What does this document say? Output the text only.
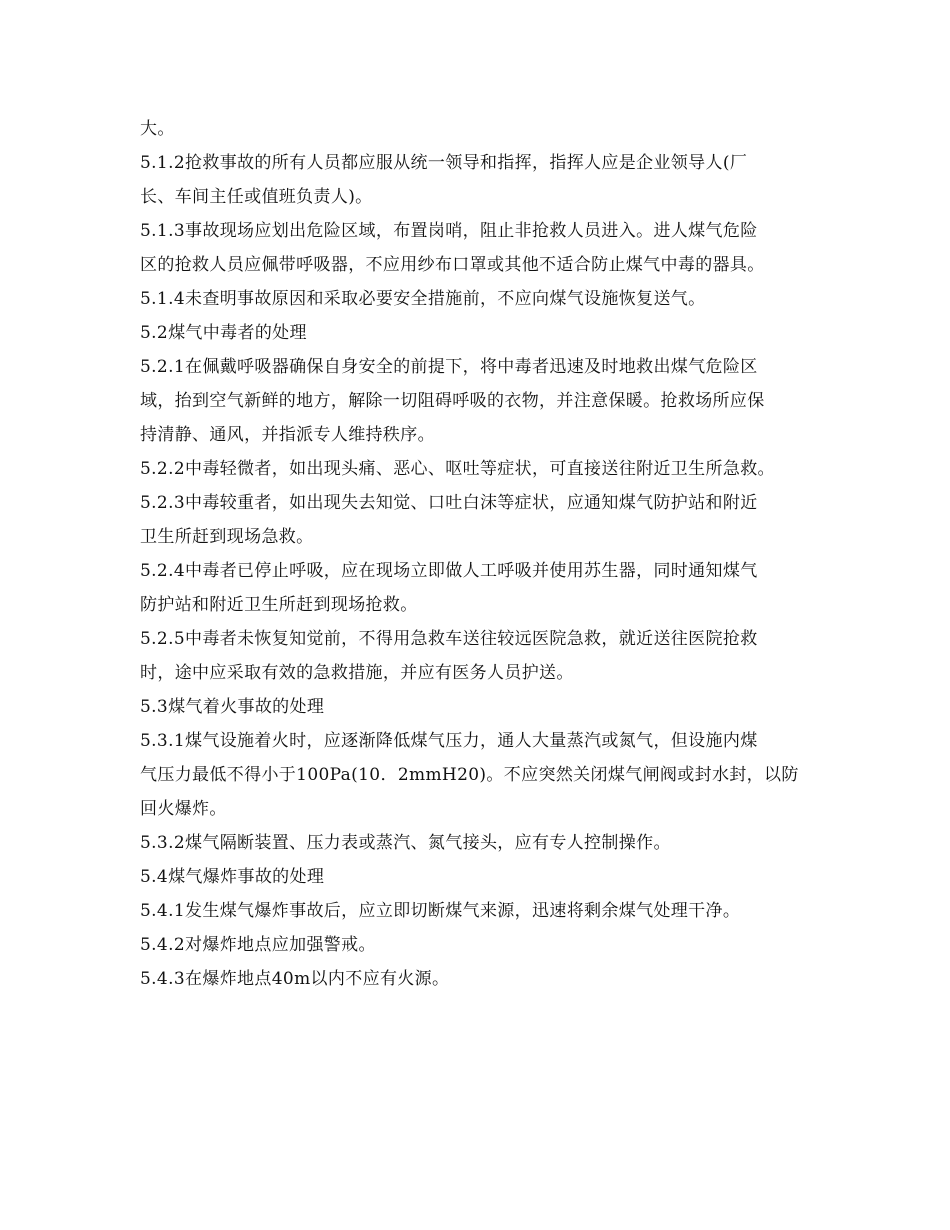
大。
5.1.2抢救事故的所有人员都应服从统一领导和指挥，指挥人应是企业领导人(厂
长、车间主任或值班负责人)。
5.1.3事故现场应划出危险区域，布置岗哨，阻止非抢救人员进入。进人煤气危险
区的抢救人员应佩带呼吸器，不应用纱布口罩或其他不适合防止煤气中毒的器具。
5.1.4未查明事故原因和采取必要安全措施前，不应向煤气设施恢复送气。
5.2煤气中毒者的处理
5.2.1在佩戴呼吸器确保自身安全的前提下，将中毒者迅速及时地救出煤气危险区
域，抬到空气新鲜的地方，解除一切阻碍呼吸的衣物，并注意保暖。抢救场所应保
持清静、通风，并指派专人维持秩序。
5.2.2中毒轻微者，如出现头痛、恶心、呕吐等症状，可直接送往附近卫生所急救。
5.2.3中毒较重者，如出现失去知觉、口吐白沫等症状，应通知煤气防护站和附近
卫生所赶到现场急救。
5.2.4中毒者已停止呼吸，应在现场立即做人工呼吸并使用苏生器，同时通知煤气
防护站和附近卫生所赶到现场抢救。
5.2.5中毒者未恢复知觉前，不得用急救车送往较远医院急救，就近送往医院抢救
时，途中应采取有效的急救措施，并应有医务人员护送。
5.3煤气着火事故的处理
5.3.1煤气设施着火时，应逐渐降低煤气压力，通人大量蒸汽或氮气，但设施内煤
气压力最低不得小于100Pa(10．2mmH20)。不应突然关闭煤气闸阀或封水封，以防
回火爆炸。
5.3.2煤气隔断装置、压力表或蒸汽、氮气接头，应有专人控制操作。
5.4煤气爆炸事故的处理
5.4.1发生煤气爆炸事故后，应立即切断煤气来源，迅速将剩余煤气处理干净。
5.4.2对爆炸地点应加强警戒。
5.4.3在爆炸地点40m以内不应有火源。
